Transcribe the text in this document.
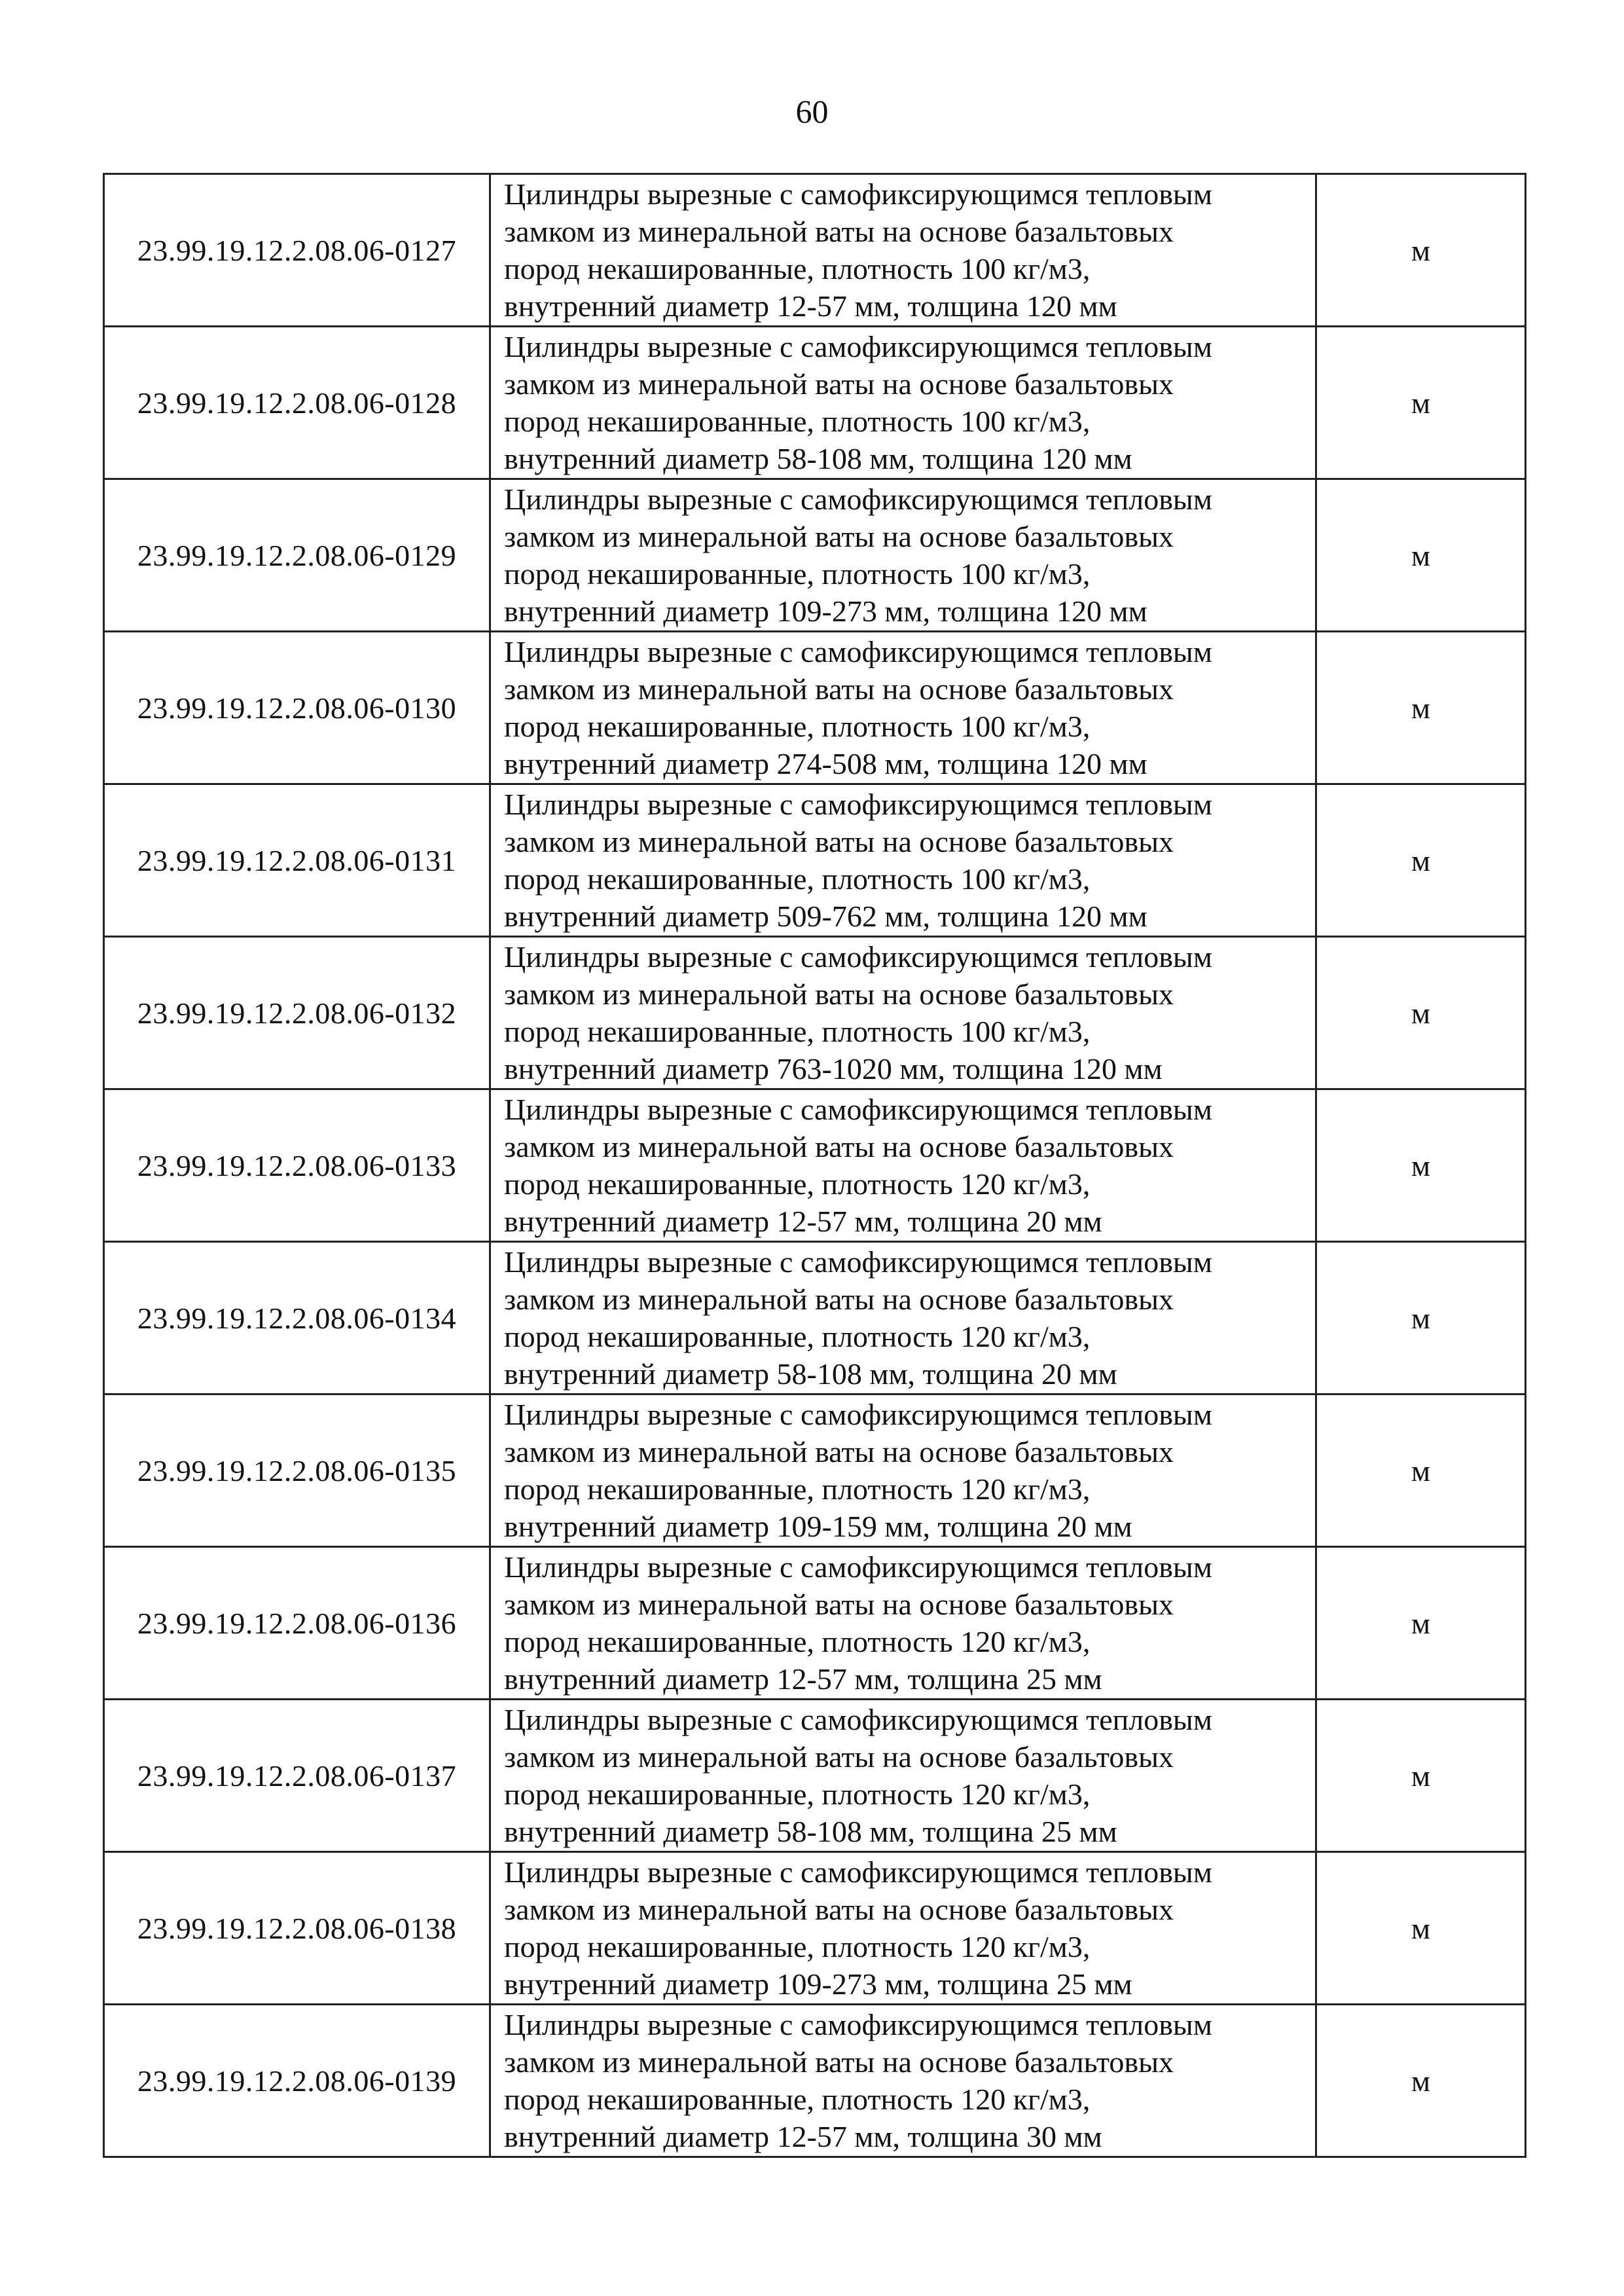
60
23.99.19.12.2.08.06-0127	Цилиндры вырезные с самофиксирующимся тепловым
замком из минеральной ваты на основе базальтовых
пород некашированные, плотность 100 кг/м3,
внутренний диаметр 12-57 мм, толщина 120 мм	м
23.99.19.12.2.08.06-0128	Цилиндры вырезные с самофиксирующимся тепловым
замком из минеральной ваты на основе базальтовых
пород некашированные, плотность 100 кг/м3,
внутренний диаметр 58-108 мм, толщина 120 мм	м
23.99.19.12.2.08.06-0129	Цилиндры вырезные с самофиксирующимся тепловым
замком из минеральной ваты на основе базальтовых
пород некашированные, плотность 100 кг/м3,
внутренний диаметр 109-273 мм, толщина 120 мм	м
23.99.19.12.2.08.06-0130	Цилиндры вырезные с самофиксирующимся тепловым
замком из минеральной ваты на основе базальтовых
пород некашированные, плотность 100 кг/м3,
внутренний диаметр 274-508 мм, толщина 120 мм	м
23.99.19.12.2.08.06-0131	Цилиндры вырезные с самофиксирующимся тепловым
замком из минеральной ваты на основе базальтовых
пород некашированные, плотность 100 кг/м3,
внутренний диаметр 509-762 мм, толщина 120 мм	м
23.99.19.12.2.08.06-0132	Цилиндры вырезные с самофиксирующимся тепловым
замком из минеральной ваты на основе базальтовых
пород некашированные, плотность 100 кг/м3,
внутренний диаметр 763-1020 мм, толщина 120 мм	м
23.99.19.12.2.08.06-0133	Цилиндры вырезные с самофиксирующимся тепловым
замком из минеральной ваты на основе базальтовых
пород некашированные, плотность 120 кг/м3,
внутренний диаметр 12-57 мм, толщина 20 мм	м
23.99.19.12.2.08.06-0134	Цилиндры вырезные с самофиксирующимся тепловым
замком из минеральной ваты на основе базальтовых
пород некашированные, плотность 120 кг/м3,
внутренний диаметр 58-108 мм, толщина 20 мм	м
23.99.19.12.2.08.06-0135	Цилиндры вырезные с самофиксирующимся тепловым
замком из минеральной ваты на основе базальтовых
пород некашированные, плотность 120 кг/м3,
внутренний диаметр 109-159 мм, толщина 20 мм	м
23.99.19.12.2.08.06-0136	Цилиндры вырезные с самофиксирующимся тепловым
замком из минеральной ваты на основе базальтовых
пород некашированные, плотность 120 кг/м3,
внутренний диаметр 12-57 мм, толщина 25 мм	м
23.99.19.12.2.08.06-0137	Цилиндры вырезные с самофиксирующимся тепловым
замком из минеральной ваты на основе базальтовых
пород некашированные, плотность 120 кг/м3,
внутренний диаметр 58-108 мм, толщина 25 мм	м
23.99.19.12.2.08.06-0138	Цилиндры вырезные с самофиксирующимся тепловым
замком из минеральной ваты на основе базальтовых
пород некашированные, плотность 120 кг/м3,
внутренний диаметр 109-273 мм, толщина 25 мм	м
23.99.19.12.2.08.06-0139	Цилиндры вырезные с самофиксирующимся тепловым
замком из минеральной ваты на основе базальтовых
пород некашированные, плотность 120 кг/м3,
внутренний диаметр 12-57 мм, толщина 30 мм	м
